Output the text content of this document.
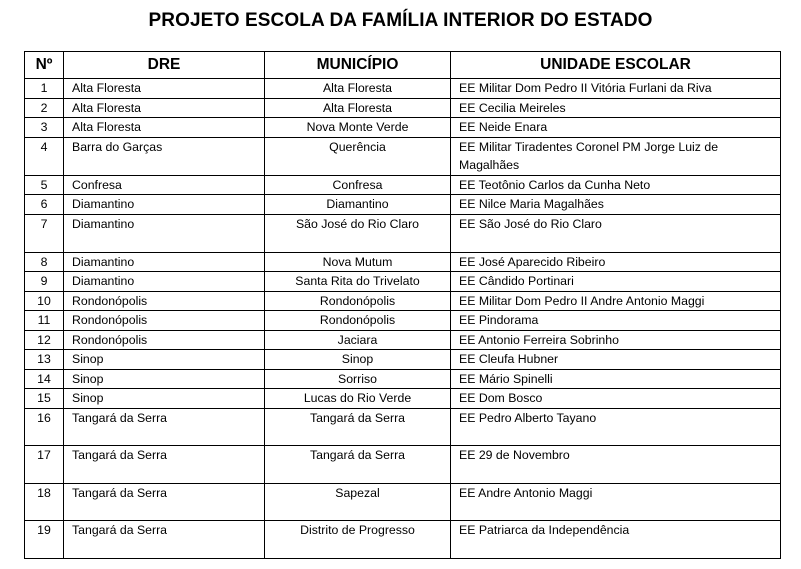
PROJETO ESCOLA DA FAMÍLIA INTERIOR DO ESTADO
Nº	DRE	MUNICÍPIO	UNIDADE ESCOLAR
1	Alta Floresta	Alta Floresta	EE Militar Dom Pedro II Vitória Furlani da Riva
2	Alta Floresta	Alta Floresta	EE Cecilia Meireles
3	Alta Floresta	Nova Monte Verde	EE Neide Enara
4	Barra do Garças	Querência	EE Militar Tiradentes Coronel PM Jorge Luiz de Magalhães
5	Confresa	Confresa	EE Teotônio Carlos da Cunha Neto
6	Diamantino	Diamantino	EE Nilce Maria Magalhães
7	Diamantino	São José do Rio Claro	EE São José do Rio Claro
8	Diamantino	Nova Mutum	EE José Aparecido Ribeiro
9	Diamantino	Santa Rita do Trivelato	EE Cândido Portinari
10	Rondonópolis	Rondonópolis	EE Militar Dom Pedro II Andre Antonio Maggi
11	Rondonópolis	Rondonópolis	EE Pindorama
12	Rondonópolis	Jaciara	EE Antonio Ferreira Sobrinho
13	Sinop	Sinop	EE Cleufa Hubner
14	Sinop	Sorriso	EE Mário Spinelli
15	Sinop	Lucas do Rio Verde	EE Dom Bosco
16	Tangará da Serra	Tangará da Serra	EE Pedro Alberto Tayano
17	Tangará da Serra	Tangará da Serra	EE 29 de Novembro
18	Tangará da Serra	Sapezal	EE Andre Antonio Maggi
19	Tangará da Serra	Distrito de Progresso	EE Patriarca da Independência
